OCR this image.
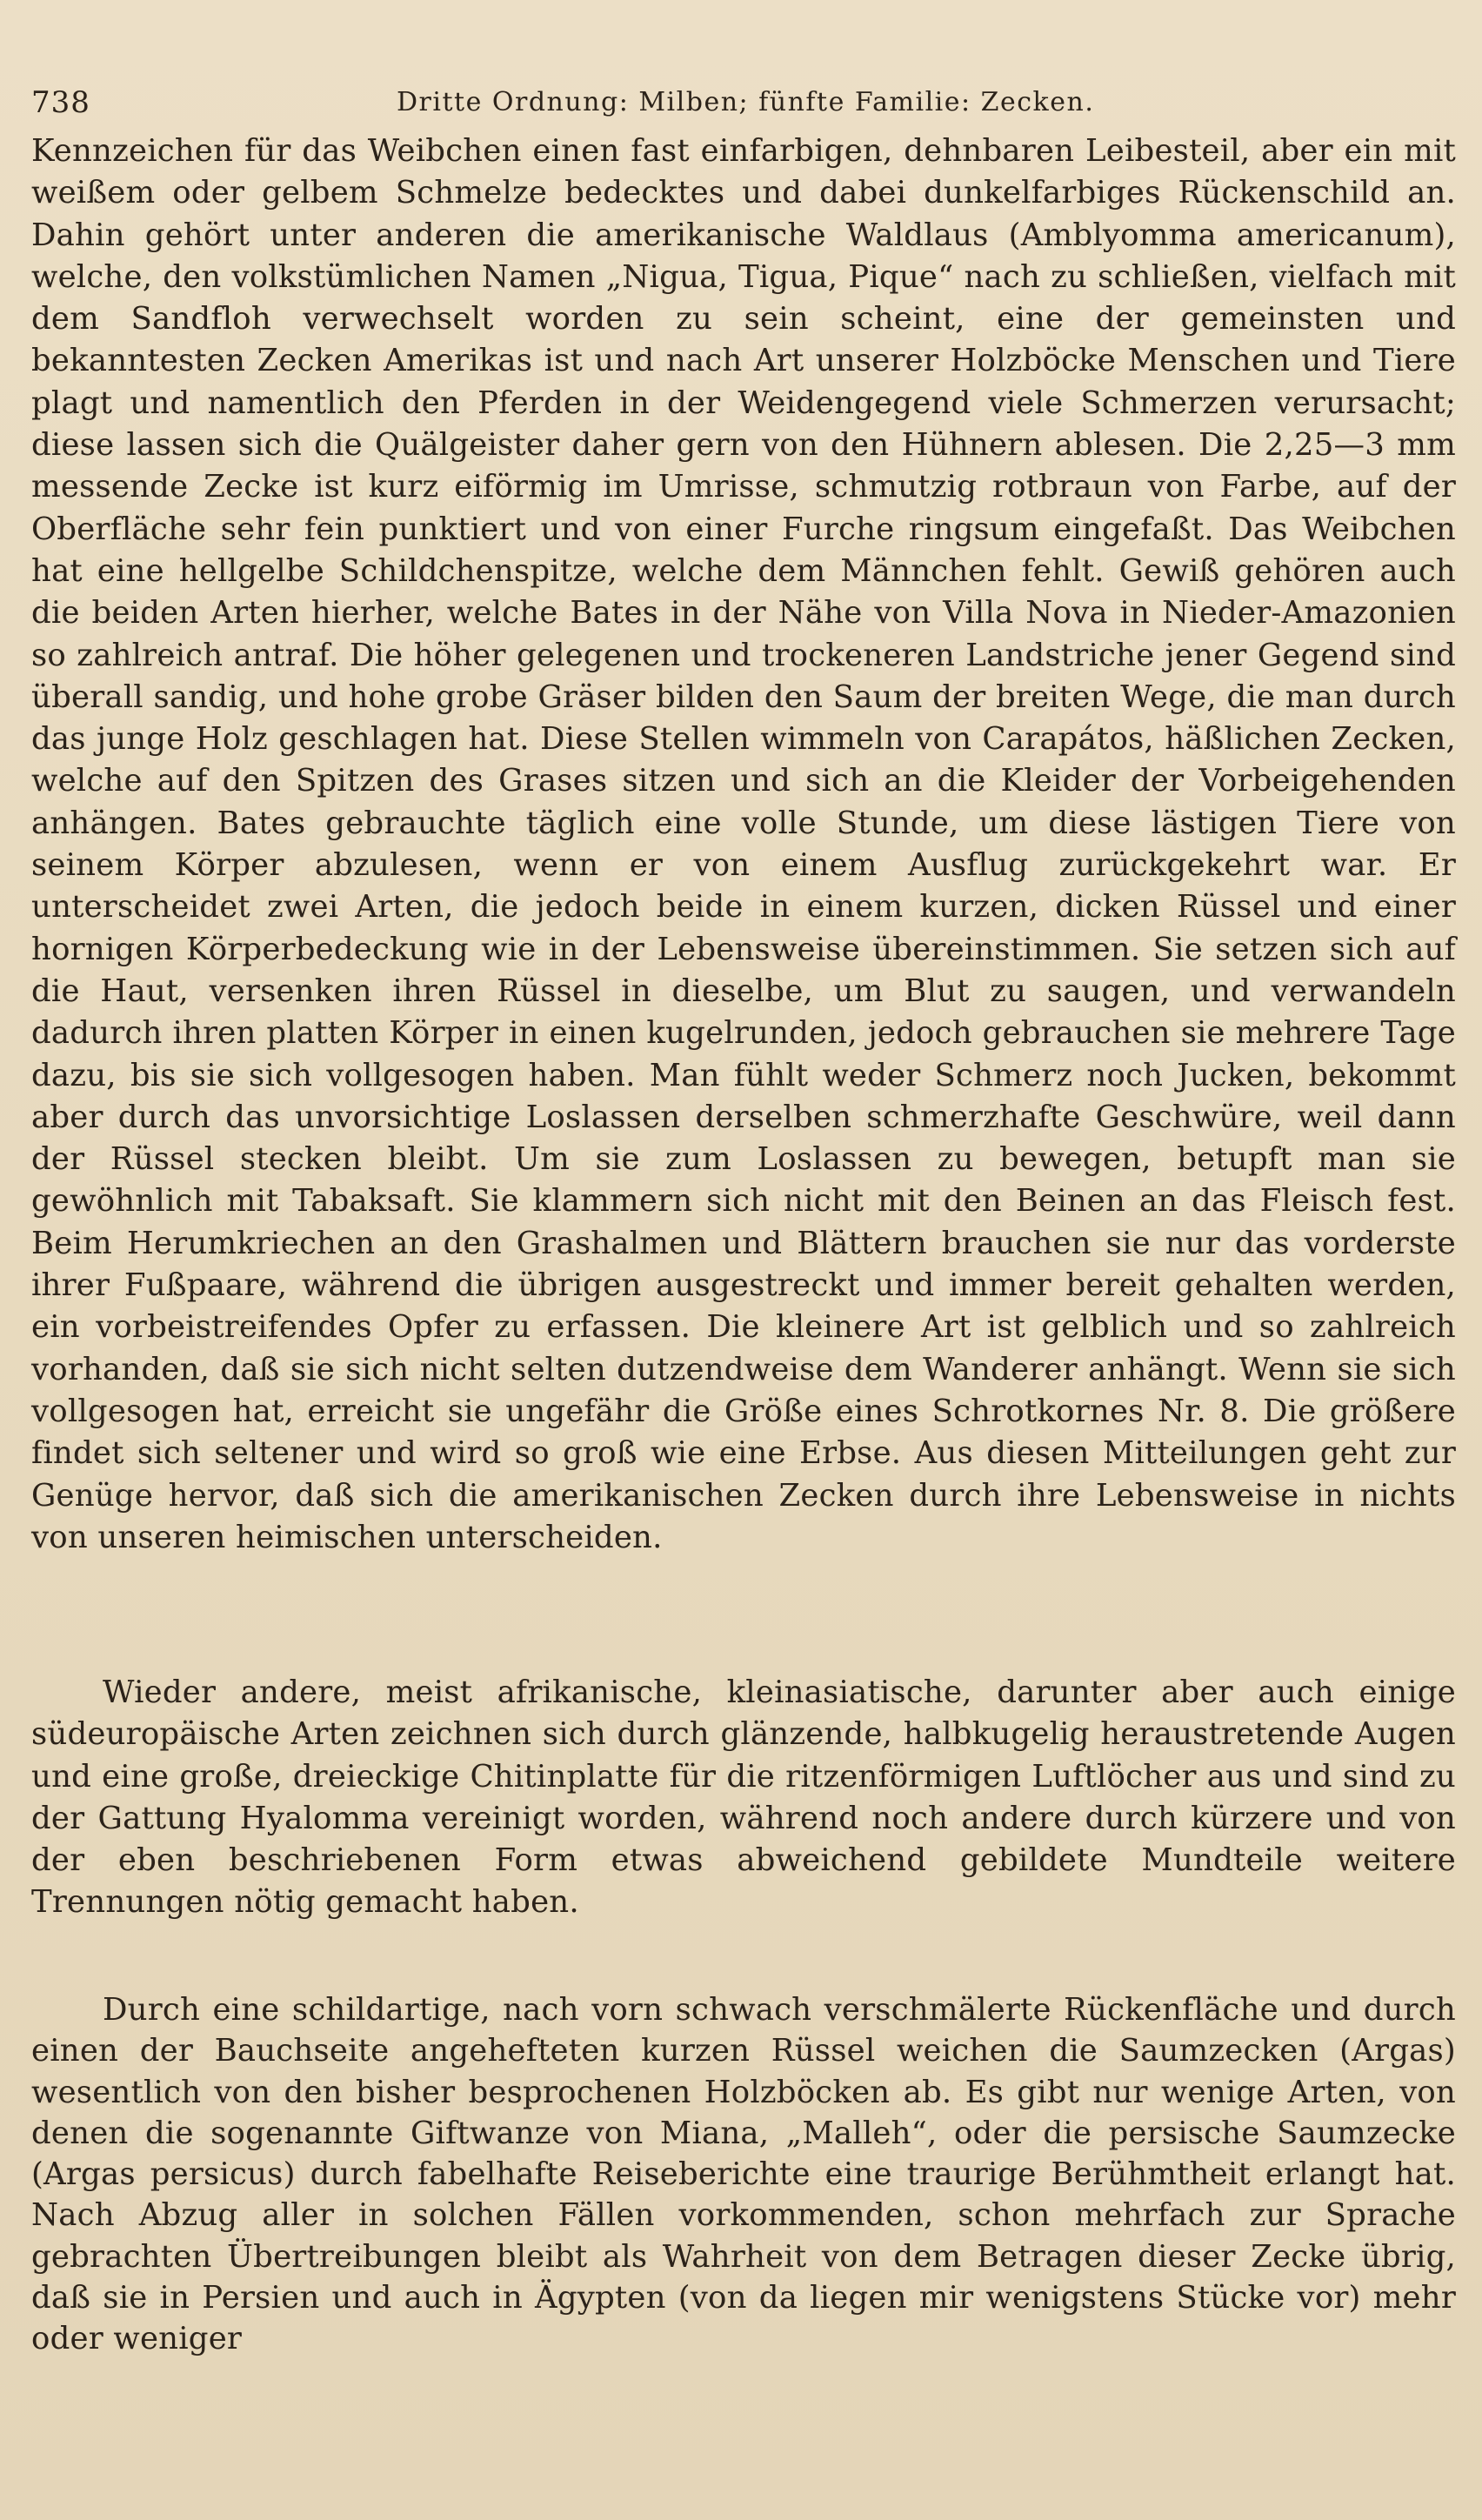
738	Dritte Ordnung: Milben; fünfte Familie: Zecken.

Kennzeichen für das Weibchen einen fast einfarbigen, dehnbaren Leibesteil, aber ein mit weißem oder gelbem Schmelze bedecktes und dabei dunkelfarbiges Rückenschild an. Dahin gehört unter anderen die amerikanische Waldlaus (Amblyomma americanum), welche, den volkstümlichen Namen „Nigua, Tigua, Pique“ nach zu schließen, vielfach mit dem Sandfloh verwechselt worden zu sein scheint, eine der gemeinsten und bekanntesten Zecken Amerikas ist und nach Art unserer Holzböcke Menschen und Tiere plagt und namentlich den Pferden in der Weidengegend viele Schmerzen verursacht; diese lassen sich die Quälgeister daher gern von den Hühnern ablesen. Die 2,25—3 mm messende Zecke ist kurz eiförmig im Umrisse, schmutzig rotbraun von Farbe, auf der Oberfläche sehr fein punktiert und von einer Furche ringsum eingefaßt. Das Weibchen hat eine hellgelbe Schildchenspitze, welche dem Männchen fehlt. Gewiß gehören auch die beiden Arten hierher, welche Bates in der Nähe von Villa Nova in Nieder-Amazonien so zahlreich antraf. Die höher gelegenen und trockeneren Landstriche jener Gegend sind überall sandig, und hohe grobe Gräser bilden den Saum der breiten Wege, die man durch das junge Holz geschlagen hat. Diese Stellen wimmeln von Carapátos, häßlichen Zecken, welche auf den Spitzen des Grases sitzen und sich an die Kleider der Vorbeigehenden anhängen. Bates gebrauchte täglich eine volle Stunde, um diese lästigen Tiere von seinem Körper abzulesen, wenn er von einem Ausflug zurückgekehrt war. Er unterscheidet zwei Arten, die jedoch beide in einem kurzen, dicken Rüssel und einer hornigen Körperbedeckung wie in der Lebensweise übereinstimmen. Sie setzen sich auf die Haut, versenken ihren Rüssel in dieselbe, um Blut zu saugen, und verwandeln dadurch ihren platten Körper in einen kugelrunden, jedoch gebrauchen sie mehrere Tage dazu, bis sie sich vollgesogen haben. Man fühlt weder Schmerz noch Jucken, bekommt aber durch das unvorsichtige Loslassen derselben schmerzhafte Geschwüre, weil dann der Rüssel stecken bleibt. Um sie zum Loslassen zu bewegen, betupft man sie gewöhnlich mit Tabaksaft. Sie klammern sich nicht mit den Beinen an das Fleisch fest. Beim Herumkriechen an den Grashalmen und Blättern brauchen sie nur das vorderste ihrer Fußpaare, während die übrigen ausgestreckt und immer bereit gehalten werden, ein vorbeistreifendes Opfer zu erfassen. Die kleinere Art ist gelblich und so zahlreich vorhanden, daß sie sich nicht selten dutzendweise dem Wanderer anhängt. Wenn sie sich vollgesogen hat, erreicht sie ungefähr die Größe eines Schrotkornes Nr. 8. Die größere findet sich seltener und wird so groß wie eine Erbse. Aus diesen Mitteilungen geht zur Genüge hervor, daß sich die amerikanischen Zecken durch ihre Lebensweise in nichts von unseren heimischen unterscheiden.

Wieder andere, meist afrikanische, kleinasiatische, darunter aber auch einige südeuropäische Arten zeichnen sich durch glänzende, halbkugelig heraustretende Augen und eine große, dreieckige Chitinplatte für die ritzenförmigen Luftlöcher aus und sind zu der Gattung Hyalomma vereinigt worden, während noch andere durch kürzere und von der eben beschriebenen Form etwas abweichend gebildete Mundteile weitere Trennungen nötig gemacht haben.

Durch eine schildartige, nach vorn schwach verschmälerte Rückenfläche und durch einen der Bauchseite angehefteten kurzen Rüssel weichen die Saumzecken (Argas) wesentlich von den bisher besprochenen Holzböcken ab. Es gibt nur wenige Arten, von denen die sogenannte Giftwanze von Miana, „Malleh“, oder die persische Saumzecke (Argas persicus) durch fabelhafte Reiseberichte eine traurige Berühmtheit erlangt hat. Nach Abzug aller in solchen Fällen vorkommenden, schon mehrfach zur Sprache gebrachten Übertreibungen bleibt als Wahrheit von dem Betragen dieser Zecke übrig, daß sie in Persien und auch in Ägypten (von da liegen mir wenigstens Stücke vor) mehr oder weniger
